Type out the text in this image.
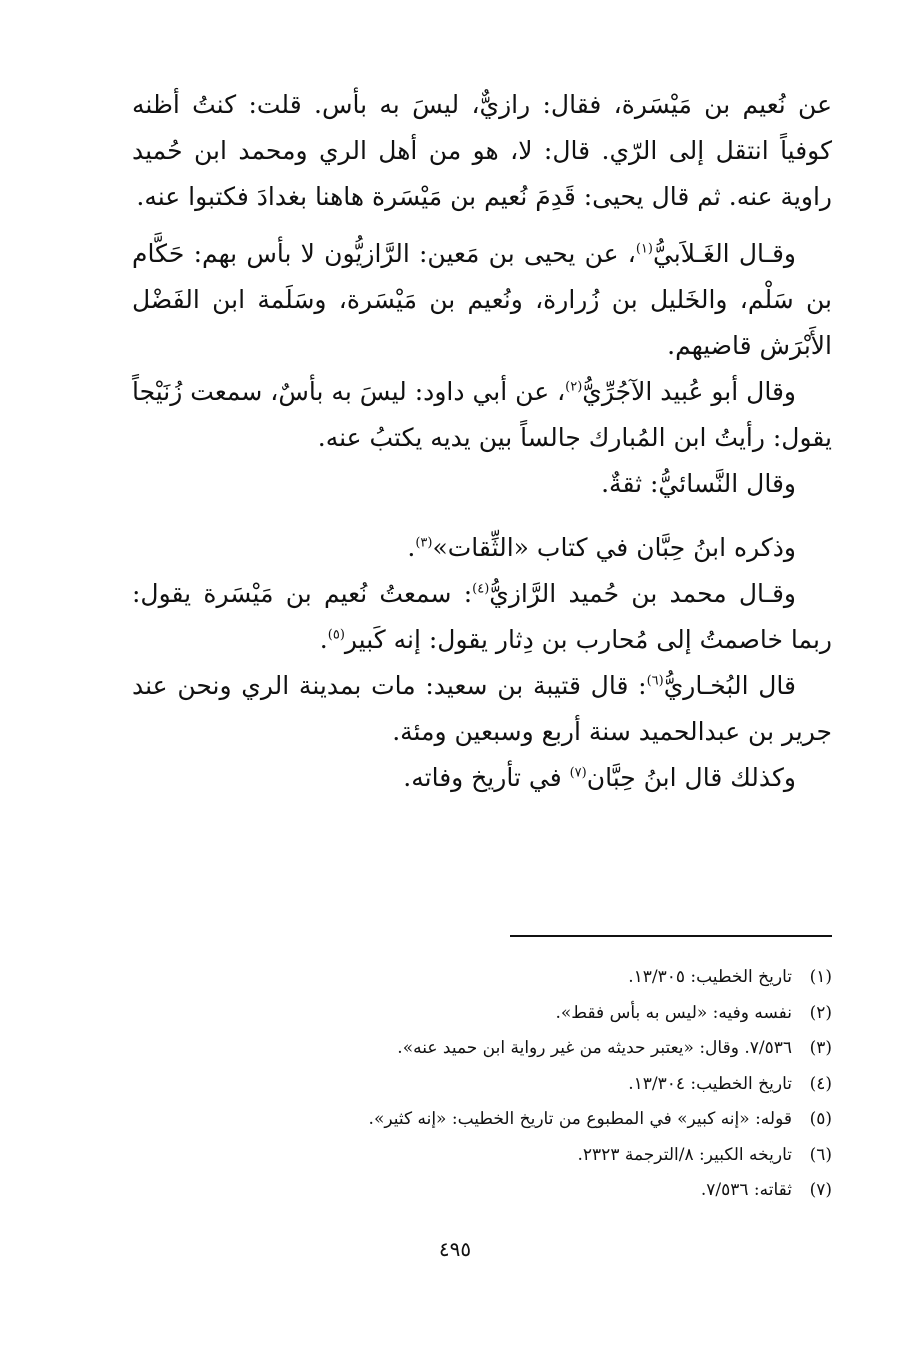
عن نُعيم بن مَيْسَرة، فقال: رازيٌّ، ليسَ به بأس. قلت: كنتُ أظنه كوفياً انتقل إلى الرّي. قال: لا، هو من أهل الري ومحمد ابن حُميد راوية عنه. ثم قال يحيى: قَدِمَ نُعيم بن مَيْسَرة هاهنا بغدادَ فكتبوا عنه.

وقـال الغَـلاَبيُّ$^{(١)}$، عن يحيى بن مَعين: الرَّازيُّون لا بأس بهم: حَكَّام بن سَلْم، والخَليل بن زُرارة، ونُعيم بن مَيْسَرة، وسَلَمة ابن الفَضْل الأَبْرَش قاضيهم.

وقال أبو عُبيد الآجُرِّيُّ$^{(٢)}$، عن أبي داود: ليسَ به بأسٌ، سمعت زُنَيْجاً يقول: رأيتُ ابن المُبارك جالساً بين يديه يكتبُ عنه.

وقال النَّسائيُّ: ثقةٌ.

وذكره ابنُ حِبَّان في كتاب «الثِّقات»$^{(٣)}$.

وقـال محمد بن حُميد الرَّازيُّ$^{(٤)}$: سمعتُ نُعيم بن مَيْسَرة يقول: ربما خاصمتُ إلى مُحارب بن دِثار يقول: إنه كَبير$^{(٥)}$.

قال البُخـاريُّ$^{(٦)}$: قال قتيبة بن سعيد: مات بمدينة الري ونحن عند جرير بن عبدالحميد سنة أربع وسبعين ومئة.

وكذلك قال ابنُ حِبَّان$^{(٧)}$ في تأريخ وفاته.

(١)تاريخ الخطيب: ١٣/٣٠٥.
(٢)نفسه وفيه: «ليس به بأس فقط».
(٣)٧/٥٣٦. وقال: «يعتبر حديثه من غير رواية ابن حميد عنه».
(٤)تاريخ الخطيب: ١٣/٣٠٤.
(٥)قوله: «إنه كبير» في المطبوع من تاريخ الخطيب: «إنه كثير».
(٦)تاريخه الكبير: ٨/الترجمة ٢٣٢٣.
(٧)ثقاته: ٧/٥٣٦.
٤٩٥
